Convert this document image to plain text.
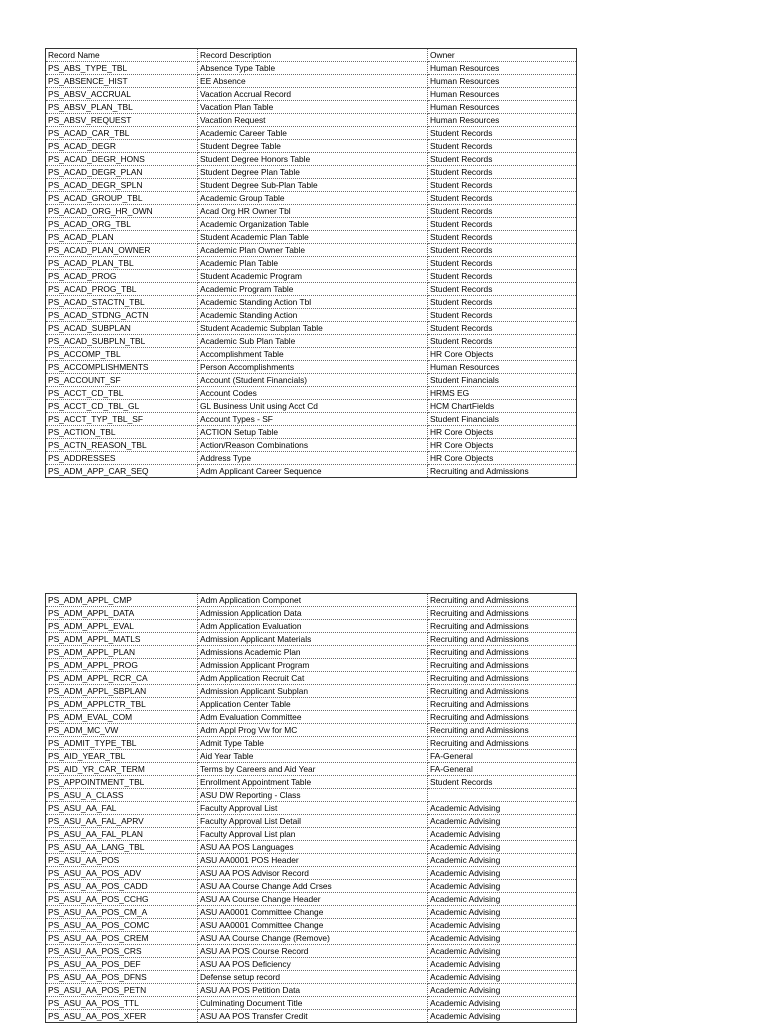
Record Name	Record Description	Owner
PS_ABS_TYPE_TBL	Absence Type Table	Human Resources
PS_ABSENCE_HIST	EE Absence	Human Resources
PS_ABSV_ACCRUAL	Vacation Accrual Record	Human Resources
PS_ABSV_PLAN_TBL	Vacation Plan Table	Human Resources
PS_ABSV_REQUEST	Vacation Request	Human Resources
PS_ACAD_CAR_TBL	Academic Career Table	Student Records
PS_ACAD_DEGR	Student Degree Table	Student Records
PS_ACAD_DEGR_HONS	Student Degree Honors Table	Student Records
PS_ACAD_DEGR_PLAN	Student Degree Plan Table	Student Records
PS_ACAD_DEGR_SPLN	Student Degree Sub-Plan Table	Student Records
PS_ACAD_GROUP_TBL	Academic Group Table	Student Records
PS_ACAD_ORG_HR_OWN	Acad Org HR Owner Tbl	Student Records
PS_ACAD_ORG_TBL	Academic Organization Table	Student Records
PS_ACAD_PLAN	Student Academic Plan Table	Student Records
PS_ACAD_PLAN_OWNER	Academic Plan Owner Table	Student Records
PS_ACAD_PLAN_TBL	Academic Plan Table	Student Records
PS_ACAD_PROG	Student Academic Program	Student Records
PS_ACAD_PROG_TBL	Academic Program Table	Student Records
PS_ACAD_STACTN_TBL	Academic Standing Action Tbl	Student Records
PS_ACAD_STDNG_ACTN	Academic Standing Action	Student Records
PS_ACAD_SUBPLAN	Student Academic Subplan Table	Student Records
PS_ACAD_SUBPLN_TBL	Academic Sub Plan Table	Student Records
PS_ACCOMP_TBL	Accomplishment Table	HR Core Objects
PS_ACCOMPLISHMENTS	Person Accomplishments	Human Resources
PS_ACCOUNT_SF	Account (Student Financials)	Student Financials
PS_ACCT_CD_TBL	Account Codes	HRMS EG
PS_ACCT_CD_TBL_GL	GL Business Unit using Acct Cd	HCM ChartFields
PS_ACCT_TYP_TBL_SF	Account Types - SF	Student Financials
PS_ACTION_TBL	ACTION Setup Table	HR Core Objects
PS_ACTN_REASON_TBL	Action/Reason Combinations	HR Core Objects
PS_ADDRESSES	Address Type	HR Core Objects
PS_ADM_APP_CAR_SEQ	Adm Applicant Career Sequence	Recruiting and Admissions
PS_ADM_APPL_CMP	Adm Application Componet	Recruiting and Admissions
PS_ADM_APPL_DATA	Admission Application Data	Recruiting and Admissions
PS_ADM_APPL_EVAL	Adm Application Evaluation	Recruiting and Admissions
PS_ADM_APPL_MATLS	Admission Applicant Materials	Recruiting and Admissions
PS_ADM_APPL_PLAN	Admissions Academic Plan	Recruiting and Admissions
PS_ADM_APPL_PROG	Admission Applicant Program	Recruiting and Admissions
PS_ADM_APPL_RCR_CA	Adm Application Recruit Cat	Recruiting and Admissions
PS_ADM_APPL_SBPLAN	Admission Applicant Subplan	Recruiting and Admissions
PS_ADM_APPLCTR_TBL	Application Center Table	Recruiting and Admissions
PS_ADM_EVAL_COM	Adm Evaluation Committee	Recruiting and Admissions
PS_ADM_MC_VW	Adm Appl Prog Vw for MC	Recruiting and Admissions
PS_ADMIT_TYPE_TBL	Admit Type Table	Recruiting and Admissions
PS_AID_YEAR_TBL	Aid Year Table	FA-General
PS_AID_YR_CAR_TERM	Terms by Careers and Aid Year	FA-General
PS_APPOINTMENT_TBL	Enrollment Appointment Table	Student Records
PS_ASU_A_CLASS	ASU DW Reporting - Class	
PS_ASU_AA_FAL	Faculty Approval List	Academic Advising
PS_ASU_AA_FAL_APRV	Faculty Approval List Detail	Academic Advising
PS_ASU_AA_FAL_PLAN	Faculty Approval List plan	Academic Advising
PS_ASU_AA_LANG_TBL	ASU AA POS Languages	Academic Advising
PS_ASU_AA_POS	ASU AA0001 POS Header	Academic Advising
PS_ASU_AA_POS_ADV	ASU AA POS Advisor Record	Academic Advising
PS_ASU_AA_POS_CADD	ASU AA Course Change Add Crses	Academic Advising
PS_ASU_AA_POS_CCHG	ASU AA Course Change Header	Academic Advising
PS_ASU_AA_POS_CM_A	ASU AA0001 Committee Change	Academic Advising
PS_ASU_AA_POS_COMC	ASU AA0001 Committee Change	Academic Advising
PS_ASU_AA_POS_CREM	ASU AA Course Change (Remove)	Academic Advising
PS_ASU_AA_POS_CRS	ASU AA POS Course Record	Academic Advising
PS_ASU_AA_POS_DEF	ASU AA POS Deficiency	Academic Advising
PS_ASU_AA_POS_DFNS	Defense setup record	Academic Advising
PS_ASU_AA_POS_PETN	ASU AA POS Petition Data	Academic Advising
PS_ASU_AA_POS_TTL	Culminating Document Title	Academic Advising
PS_ASU_AA_POS_XFER	ASU AA POS Transfer Credit	Academic Advising
